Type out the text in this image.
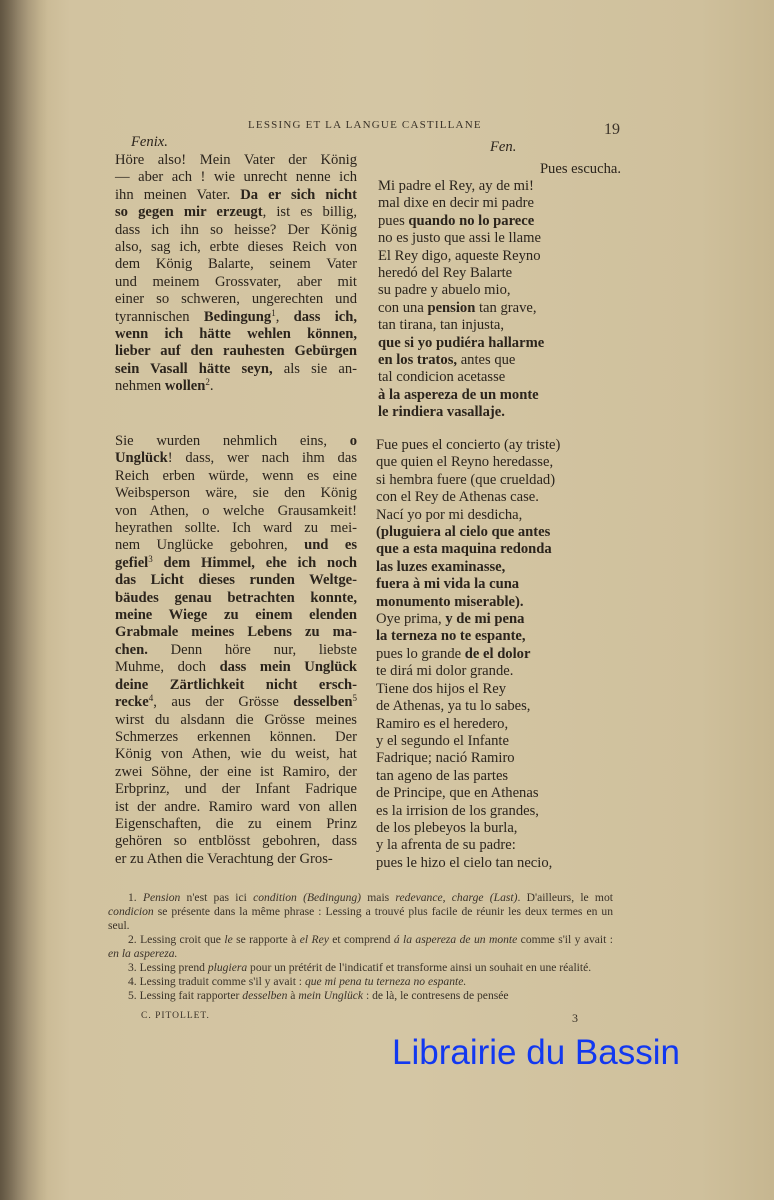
LESSING ET LA LANGUE CASTILLANE	19
Fenix.	Fen.
Pues escucha.
Höre also! Mein Vater der König
— aber ach ! wie unrecht nenne ich
ihn meinen Vater. Da er sich nicht
so gegen mir erzeugt, ist es billig,
dass ich ihn so heisse? Der König
also, sag ich, erbte dieses Reich von
dem König Balarte, seinem Vater
und meinem Grossvater, aber mit
einer so schweren, ungerechten und
tyrannischen Bedingung$^1$, dass ich,
wenn ich hätte wehlen können,
lieber auf den rauhesten Gebürgen
sein Vasall hätte seyn, als sie an-
nehmen wollen$^2$.
Mi padre el Rey, ay de mi!
mal dixe en decir mi padre
pues quando no lo parece
no es justo que assi le llame
El Rey digo, aqueste Reyno
heredó del Rey Balarte
su padre y abuelo mio,
con una pension tan grave,
tan tirana, tan injusta,
que si yo pudiéra hallarme
en los tratos, antes que
tal condicion acetasse
à la aspereza de un monte
le rindiera vasallaje.
Sie wurden nehmlich eins, o
Unglück! dass, wer nach ihm das
Reich erben würde, wenn es eine
Weibsperson wäre, sie den König
von Athen, o welche Grausamkeit!
heyrathen sollte. Ich ward zu mei-
nem Unglücke gebohren, und es
gefiel$^3$ dem Himmel, ehe ich noch
das Licht dieses runden Weltge-
bäudes genau betrachten konnte,
meine Wiege zu einem elenden
Grabmale meines Lebens zu ma-
chen. Denn höre nur, liebste
Muhme, doch dass mein Unglück
deine Zärtlichkeit nicht ersch-
recke$^4$, aus der Grösse desselben$^5$
wirst du alsdann die Grösse meines
Schmerzes erkennen können. Der
König von Athen, wie du weist, hat
zwei Söhne, der eine ist Ramiro, der
Erbprinz, und der Infant Fadrique
ist der andre. Ramiro ward von allen
Eigenschaften, die zu einem Prinz
gehören so entblösst gebohren, dass
er zu Athen die Verachtung der Gros-
Fue pues el concierto (ay triste)
que quien el Reyno heredasse,
si hembra fuere (que crueldad)
con el Rey de Athenas case.
Nací yo por mi desdicha,
(pluguiera al cielo que antes
que a esta maquina redonda
las luzes examinasse,
fuera à mi vida la cuna
monumento miserable).
Oye prima, y de mi pena
la terneza no te espante,
pues lo grande de el dolor
te dirá mi dolor grande.
Tiene dos hijos el Rey
de Athenas, ya tu lo sabes,
Ramiro es el heredero,
y el segundo el Infante
Fadrique; nació Ramiro
tan ageno de las partes
de Principe, que en Athenas
es la irrision de los grandes,
de los plebeyos la burla,
y la afrenta de su padre:
pues le hizo el cielo tan necio,

1. Pension n'est pas ici condition (Bedingung) mais redevance, charge (Last). D'ailleurs, le mot condicion se présente dans la même phrase : Lessing a trouvé plus facile de réunir les deux termes en un seul.

2. Lessing croit que le se rapporte à el Rey et comprend á la aspereza de un monte comme s'il y avait : en la aspereza.

3. Lessing prend plugiera pour un prétérit de l'indicatif et transforme ainsi un souhait en une réalité.

4. Lessing traduit comme s'il y avait : que mi pena tu terneza no espante.

5. Lessing fait rapporter desselben à mein Unglück : de là, le contresens de pensée

C. PITOLLET.	3
Librairie du Bassin
